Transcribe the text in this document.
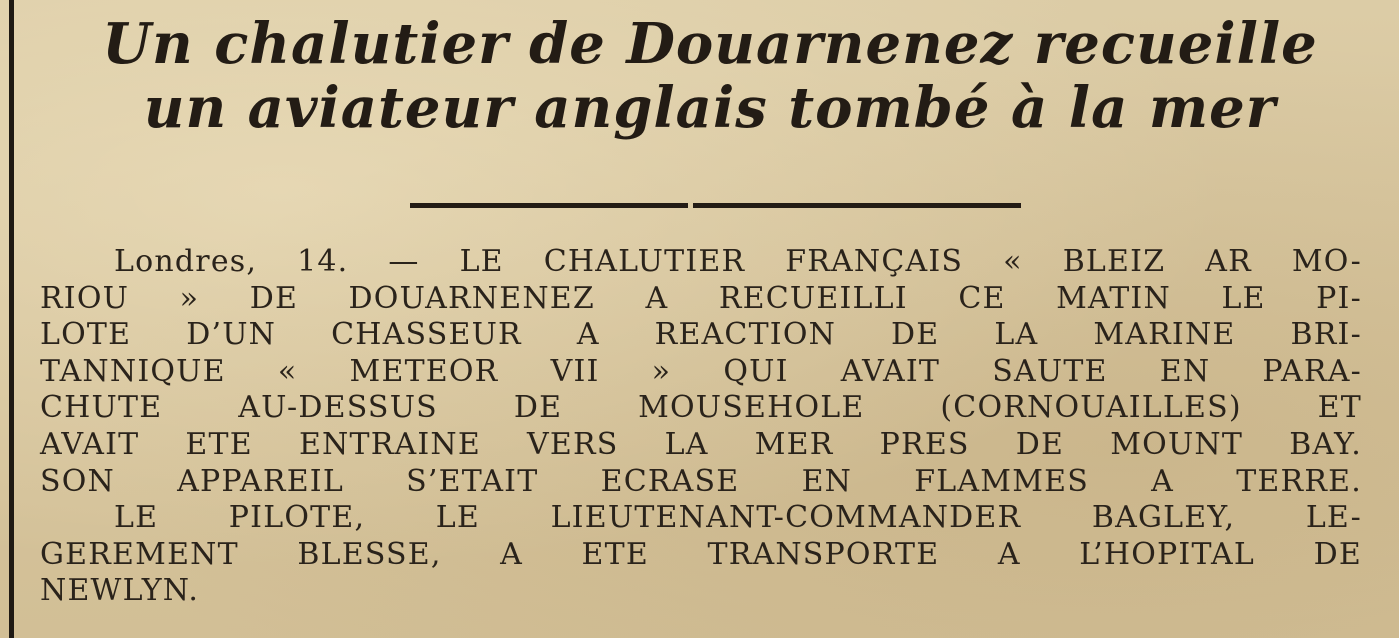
Un chalutier de Douarnenez recueille
un aviateur anglais tombé à la mer
Londres, 14. — LE CHALUTIER FRANÇAIS « BLEIZ AR MO-
RIOU » DE DOUARNENEZ A RECUEILLI CE MATIN LE PI-
LOTE D’UN CHASSEUR A REACTION DE LA MARINE BRI-
TANNIQUE « METEOR VII » QUI AVAIT SAUTE EN PARA-
CHUTE	AU-DESSUS	DE	MOUSEHOLE	(CORNOUAILLES)	ET
AVAIT ETE ENTRAINE VERS LA MER PRES DE MOUNT BAY.
SON APPAREIL S’ETAIT ECRASE EN FLAMMES A TERRE.
LE PILOTE, LE LIEUTENANT-COMMANDER BAGLEY, LE-
GEREMENT BLESSE, A ETE TRANSPORTE A L’HOPITAL DE
NEWLYN.
